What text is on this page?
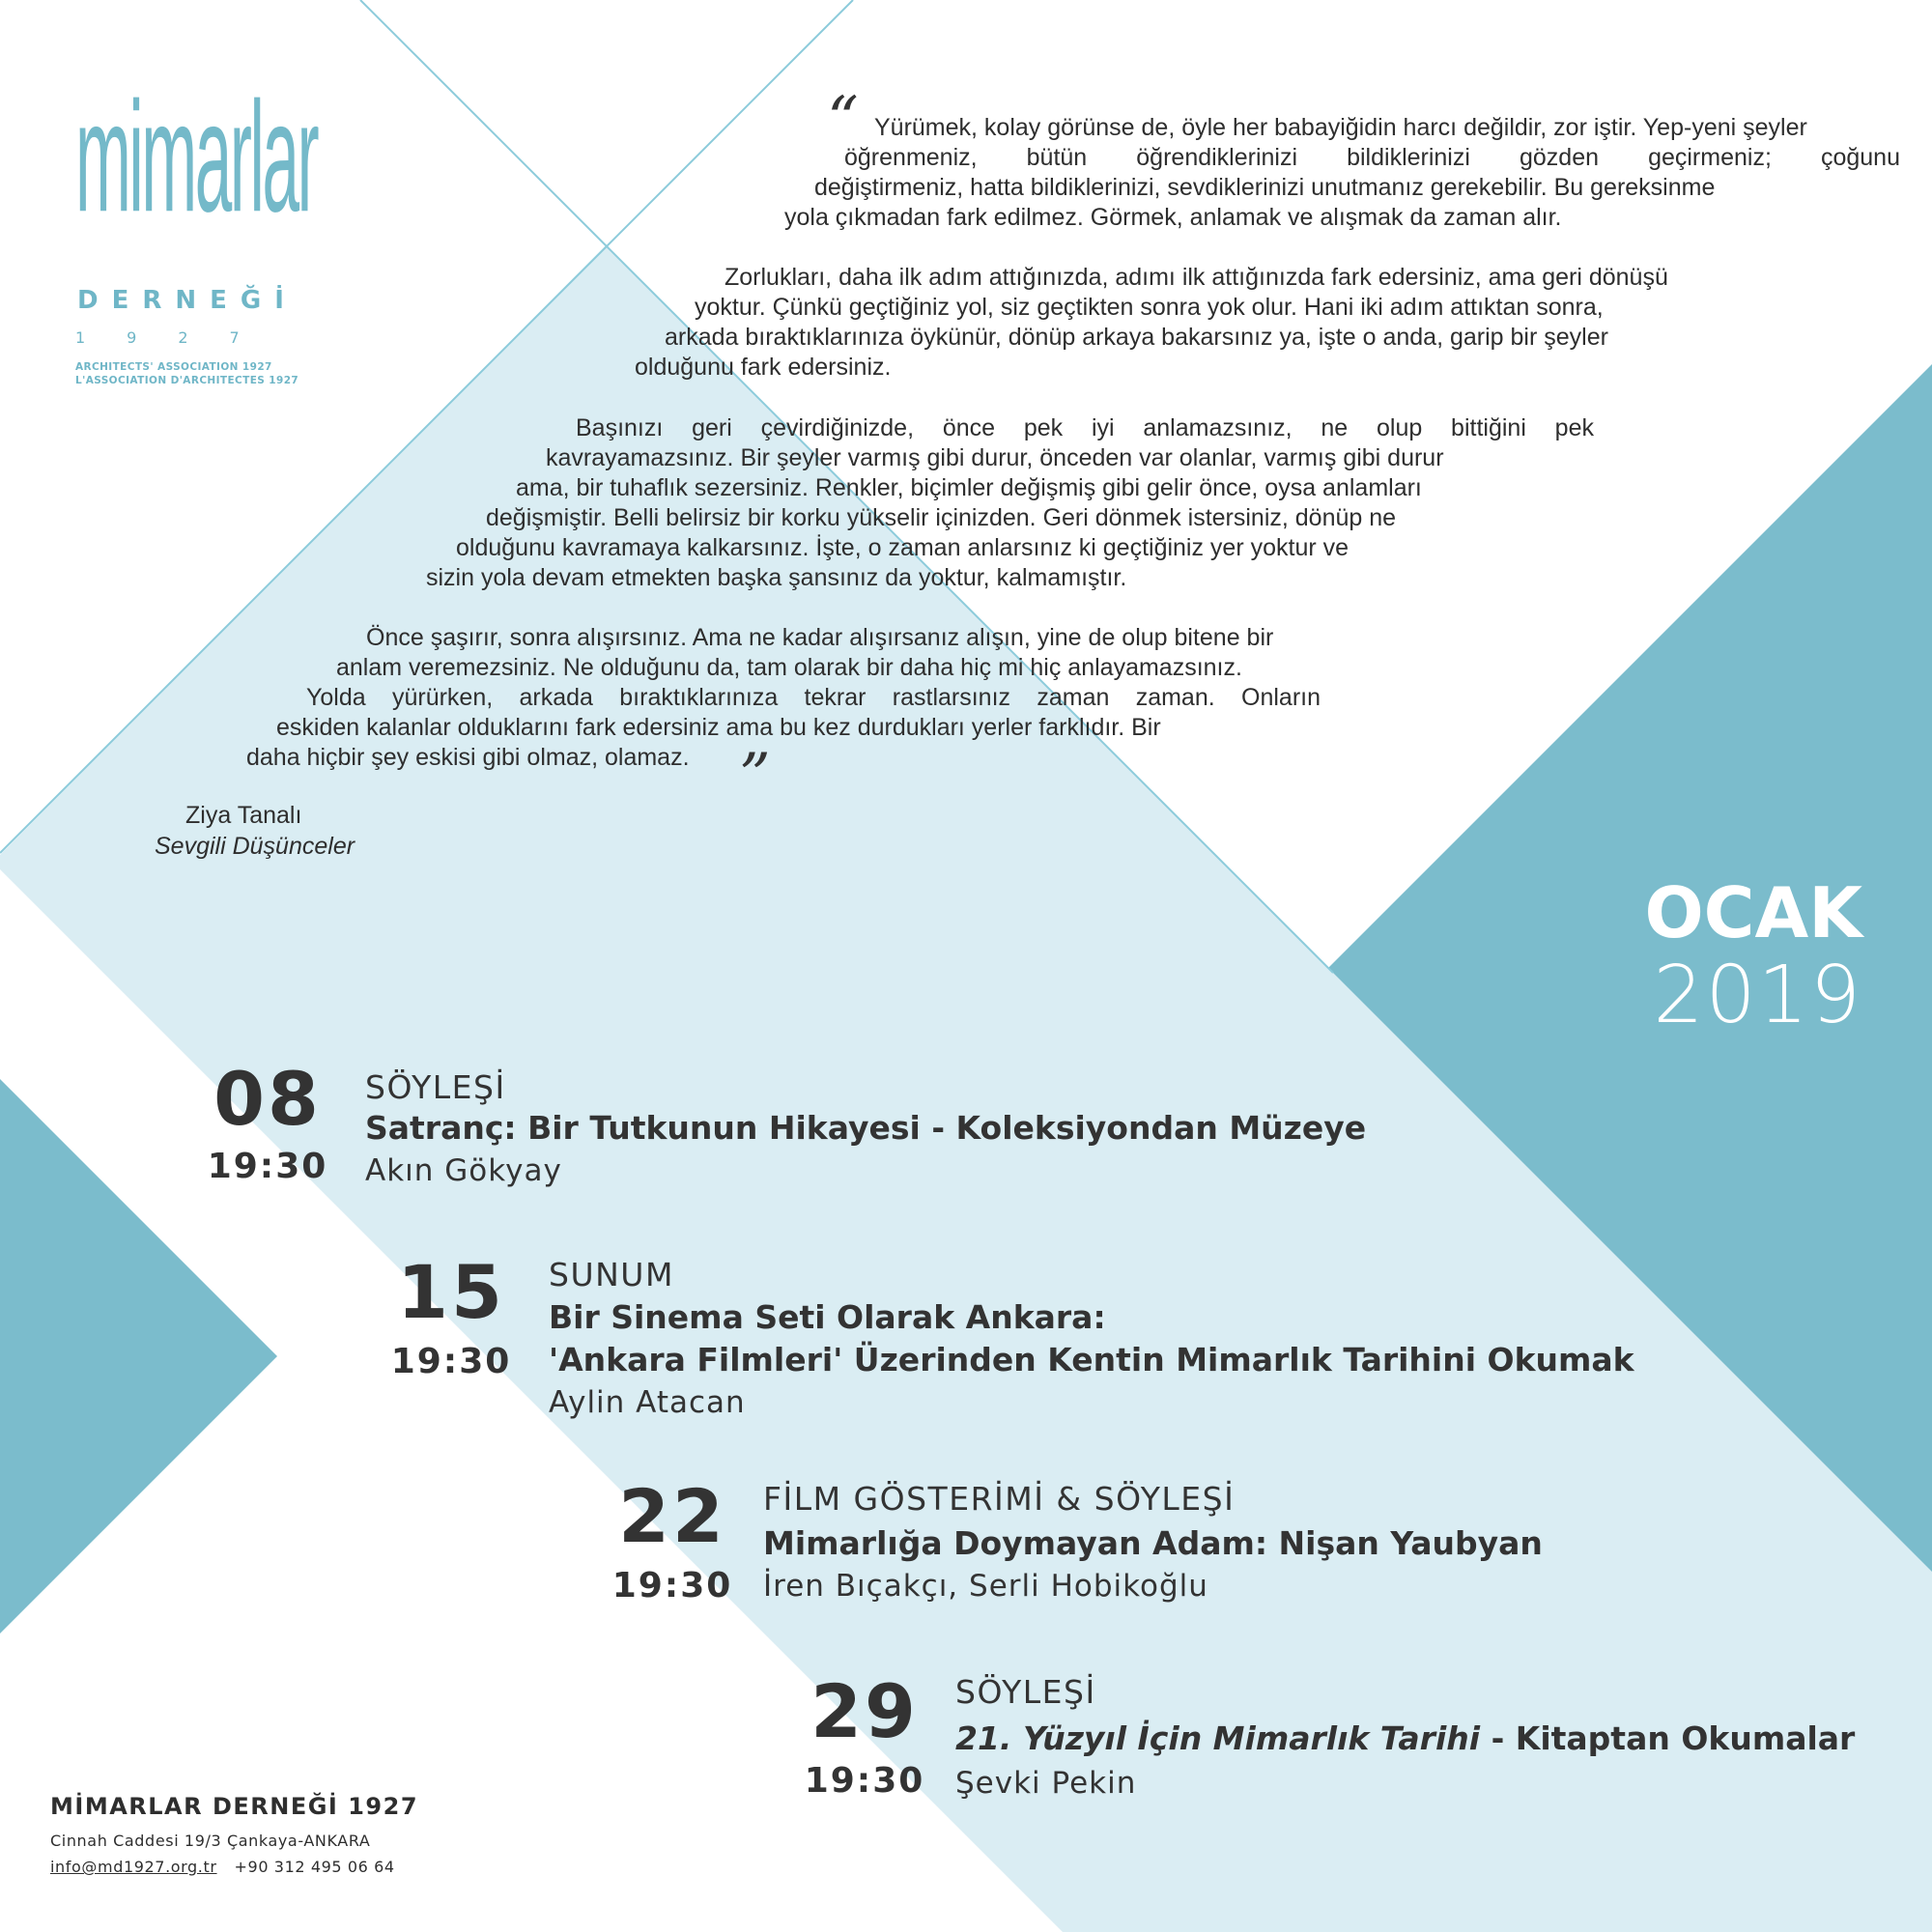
mimarlar
DERNEĞİ
1927
ARCHITECTS' ASSOCIATION 1927
L'ASSOCIATION D'ARCHITECTES 1927
“ Yürümek, kolay görünse de, öyle her babayiğidin harcı değildir, zor iştir. Yep-yeni şeyler
öğrenmeniz, bütün öğrendiklerinizi bildiklerinizi gözden geçirmeniz; çoğunu
değiştirmeniz, hatta bildiklerinizi, sevdiklerinizi unutmanız gerekebilir. Bu gereksinme
yola çıkmadan fark edilmez. Görmek, anlamak ve alışmak da zaman alır.
Zorlukları, daha ilk adım attığınızda, adımı ilk attığınızda fark edersiniz, ama geri dönüşü
yoktur. Çünkü geçtiğiniz yol, siz geçtikten sonra yok olur. Hani iki adım attıktan sonra,
arkada bıraktıklarınıza öykünür, dönüp arkaya bakarsınız ya, işte o anda, garip bir şeyler
olduğunu fark edersiniz.
Başınızı geri çevirdiğinizde, önce pek iyi anlamazsınız, ne olup bittiğini pek
kavrayamazsınız. Bir şeyler varmış gibi durur, önceden var olanlar, varmış gibi durur
ama, bir tuhaflık sezersiniz. Renkler, biçimler değişmiş gibi gelir önce, oysa anlamları
değişmiştir. Belli belirsiz bir korku yükselir içinizden. Geri dönmek istersiniz, dönüp ne
olduğunu kavramaya kalkarsınız. İşte, o zaman anlarsınız ki geçtiğiniz yer yoktur ve
sizin yola devam etmekten başka şansınız da yoktur, kalmamıştır.
Önce şaşırır, sonra alışırsınız. Ama ne kadar alışırsanız alışın, yine de olup bitene bir
anlam veremezsiniz. Ne olduğunu da, tam olarak bir daha hiç mi hiç anlayamazsınız.
Yolda yürürken, arkada bıraktıklarınıza tekrar rastlarsınız zaman zaman. Onların
eskiden kalanlar olduklarını fark edersiniz ama bu kez durdukları yerler farklıdır. Bir
daha hiçbir şey eskisi gibi olmaz, olamaz. ”
Ziya Tanalı
Sevgili Düşünceler
OCAK
2019
08
19:30
SÖYLEŞİ
Satranç: Bir Tutkunun Hikayesi - Koleksiyondan Müzeye
Akın Gökyay
15
19:30
SUNUM
Bir Sinema Seti Olarak Ankara:
'Ankara Filmleri' Üzerinden Kentin Mimarlık Tarihini Okumak
Aylin Atacan
22
19:30
FİLM GÖSTERİMİ & SÖYLEŞİ
Mimarlığa Doymayan Adam: Nişan Yaubyan
İren Bıçakçı, Serli Hobikoğlu
29
19:30
SÖYLEŞİ
21. Yüzyıl İçin Mimarlık Tarihi - Kitaptan Okumalar
Şevki Pekin
MİMARLAR DERNEĞİ 1927
Cinnah Caddesi 19/3 Çankaya-ANKARA
info@md1927.org.tr +90 312 495 06 64
